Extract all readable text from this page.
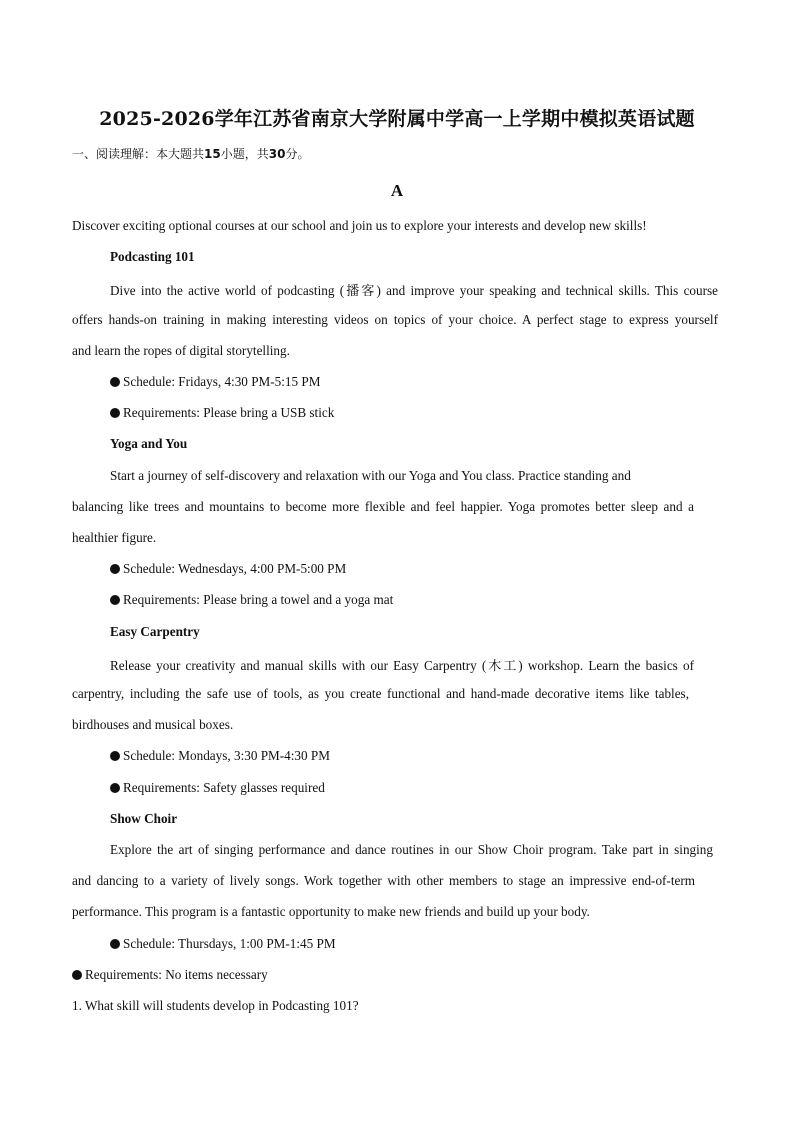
2025-2026学年江苏省南京大学附属中学高一上学期中模拟英语试题
一、阅读理解：本大题共15小题，共30分。
A
Discover exciting optional courses at our school and join us to explore your interests and develop new skills!
Podcasting 101
Dive into the active world of podcasting (播客) and improve your speaking and technical skills. This course
offers hands-on training in making interesting videos on topics of your choice. A perfect stage to express yourself
and learn the ropes of digital storytelling.
Schedule: Fridays, 4:30 PM-5:15 PM
Requirements: Please bring a USB stick
Yoga and You
Start a journey of self-discovery and relaxation with our Yoga and You class. Practice standing and
balancing like trees and mountains to become more flexible and feel happier. Yoga promotes better sleep and a
healthier figure.
Schedule: Wednesdays, 4:00 PM-5:00 PM
Requirements: Please bring a towel and a yoga mat
Easy Carpentry
Release your creativity and manual skills with our Easy Carpentry (木工) workshop. Learn the basics of
carpentry, including the safe use of tools, as you create functional and hand-made decorative items like tables,
birdhouses and musical boxes.
Schedule: Mondays, 3:30 PM-4:30 PM
Requirements: Safety glasses required
Show Choir
Explore the art of singing performance and dance routines in our Show Choir program. Take part in singing
and dancing to a variety of lively songs. Work together with other members to stage an impressive end-of-term
performance. This program is a fantastic opportunity to make new friends and build up your body.
Schedule: Thursdays, 1:00 PM-1:45 PM
Requirements: No items necessary
1. What skill will students develop in Podcasting 101?
